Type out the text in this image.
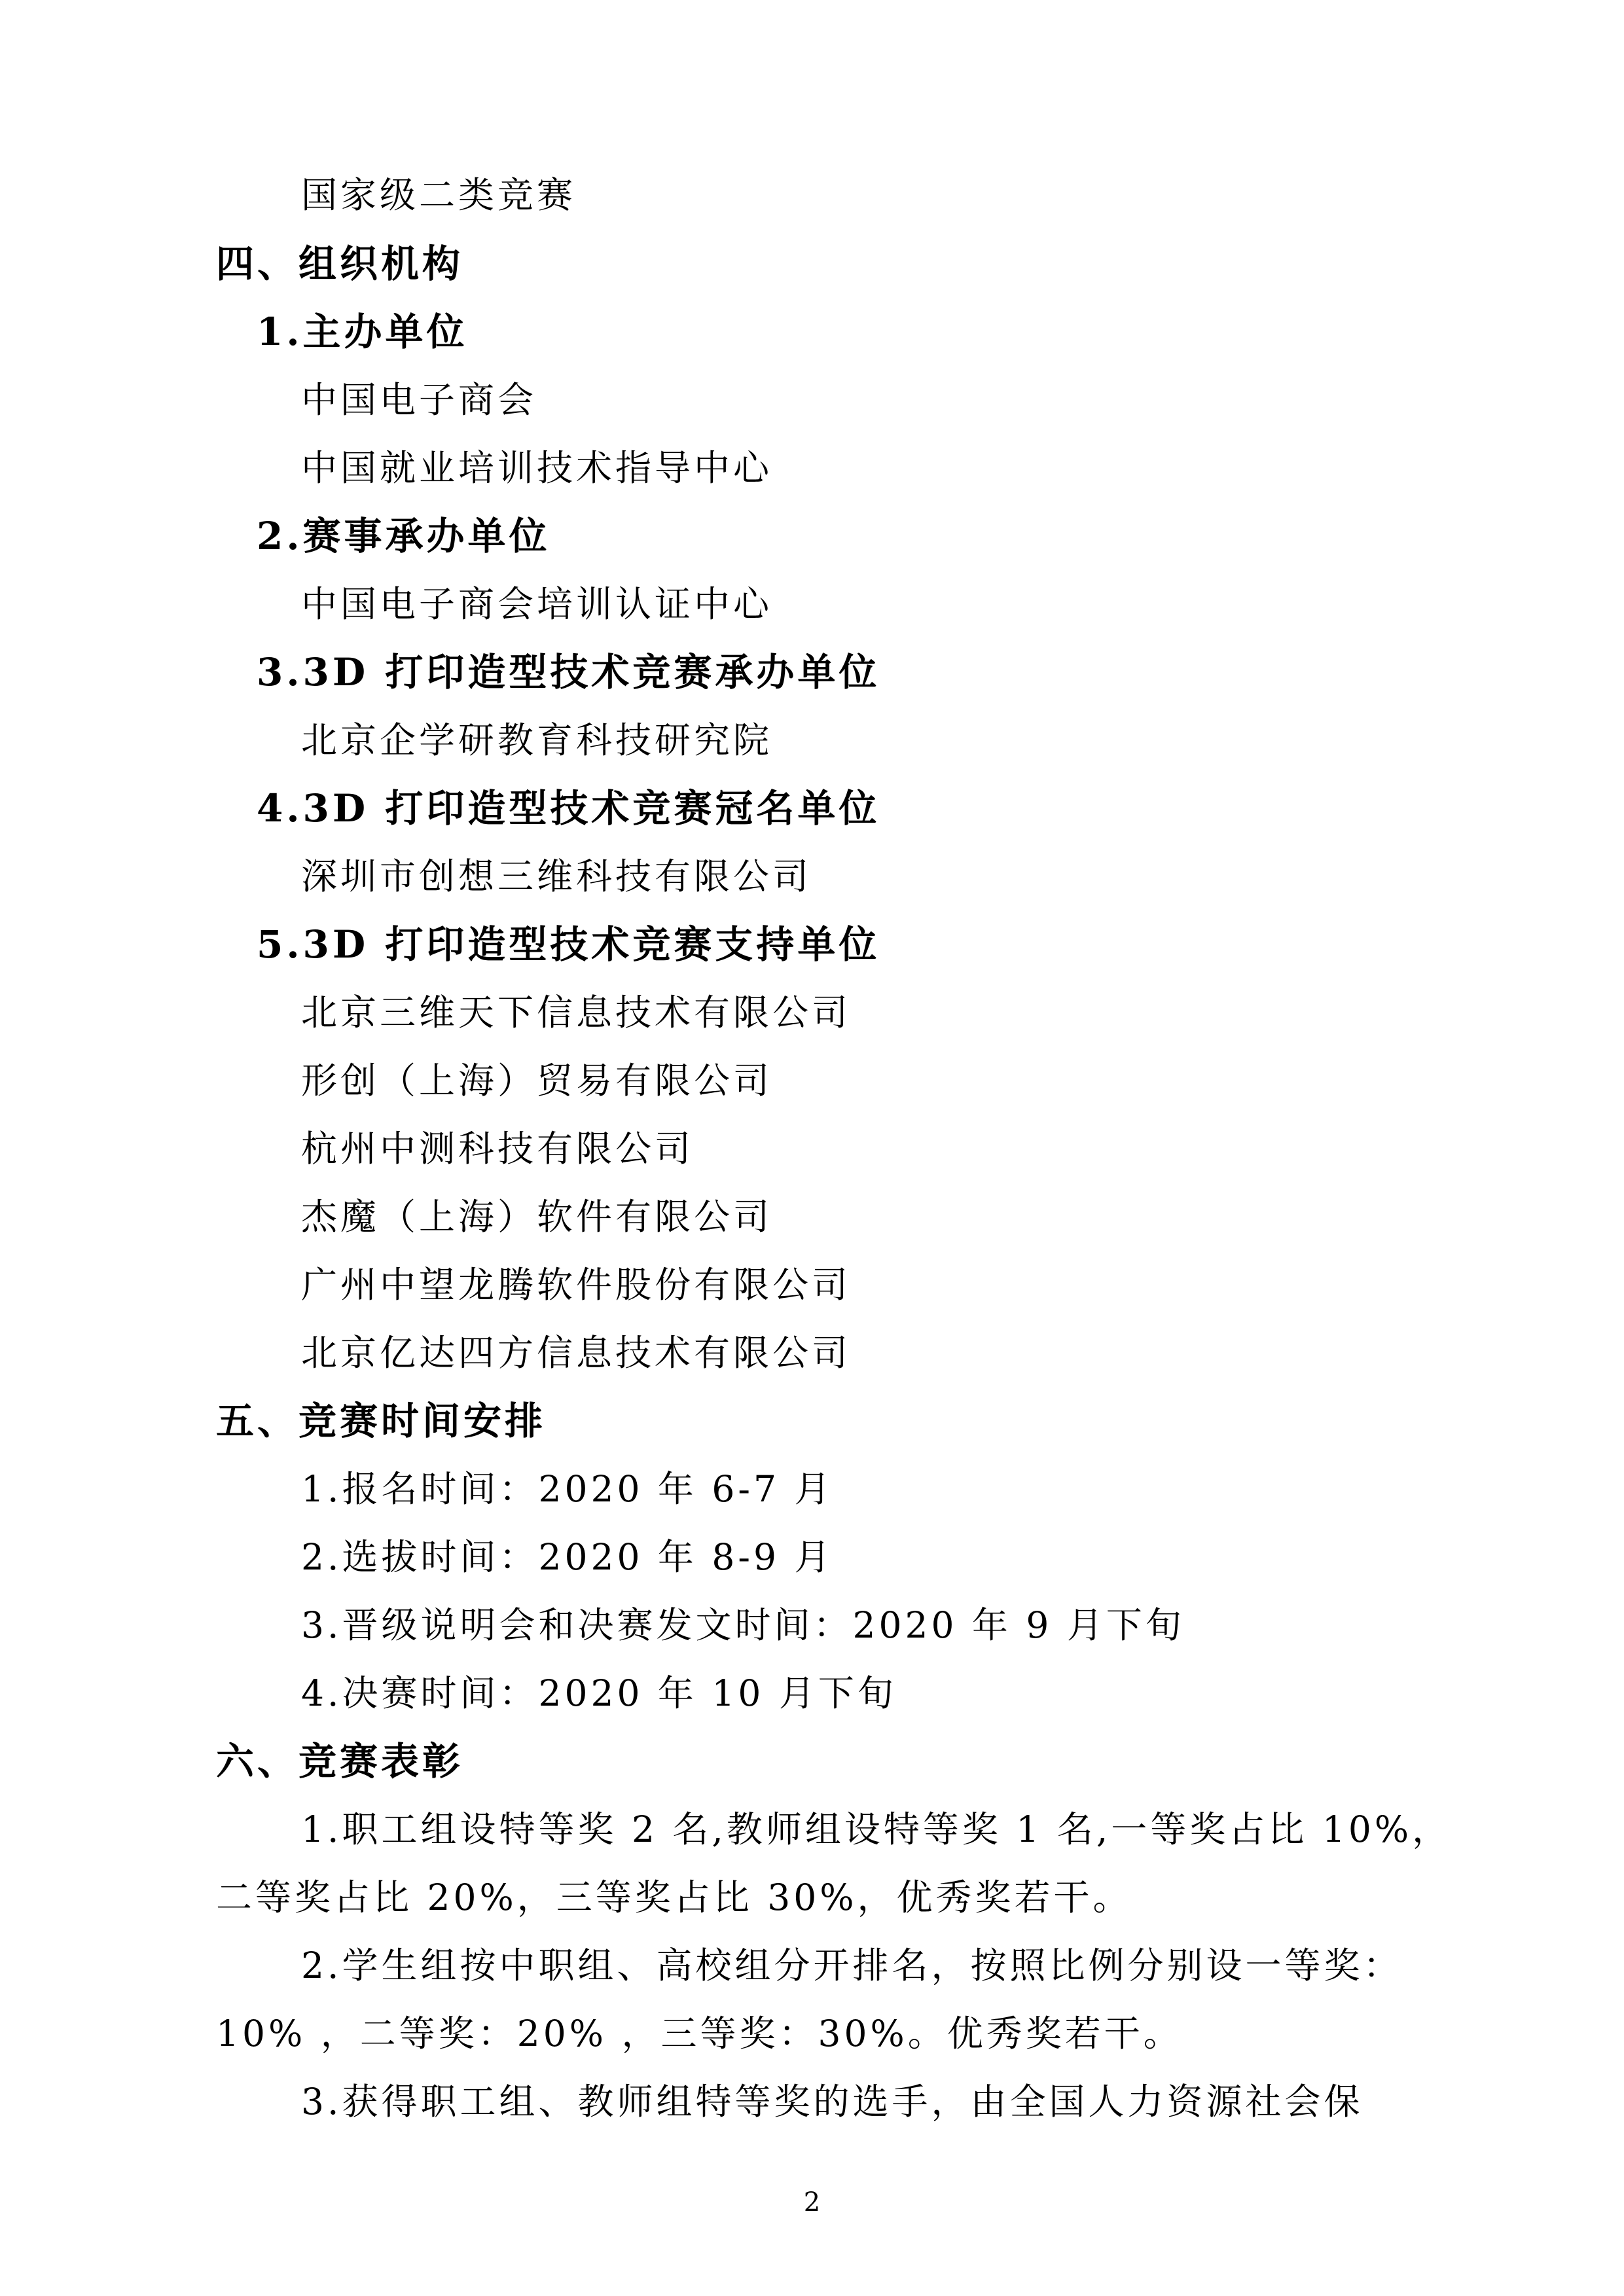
国家级二类竞赛
四、组织机构
1.主办单位
中国电子商会
中国就业培训技术指导中心
2.赛事承办单位
中国电子商会培训认证中心
3.3D 打印造型技术竞赛承办单位
北京企学研教育科技研究院
4.3D 打印造型技术竞赛冠名单位
深圳市创想三维科技有限公司
5.3D 打印造型技术竞赛支持单位
北京三维天下信息技术有限公司
形创（上海）贸易有限公司
杭州中测科技有限公司
杰魔（上海）软件有限公司
广州中望龙腾软件股份有限公司
北京亿达四方信息技术有限公司
五、竞赛时间安排
1.报名时间：2020 年 6-7 月
2.选拔时间：2020 年 8-9 月
3.晋级说明会和决赛发文时间：2020 年 9 月下旬
4.决赛时间：2020 年 10 月下旬
六、竞赛表彰
1.职工组设特等奖 2 名,教师组设特等奖 1 名,一等奖占比 10%，
二等奖占比 20%，三等奖占比 30%，优秀奖若干。
2.学生组按中职组、高校组分开排名，按照比例分别设一等奖：
10% ，二等奖：20% ，三等奖：30%。优秀奖若干。
3.获得职工组、教师组特等奖的选手，由全国人力资源社会保
2
